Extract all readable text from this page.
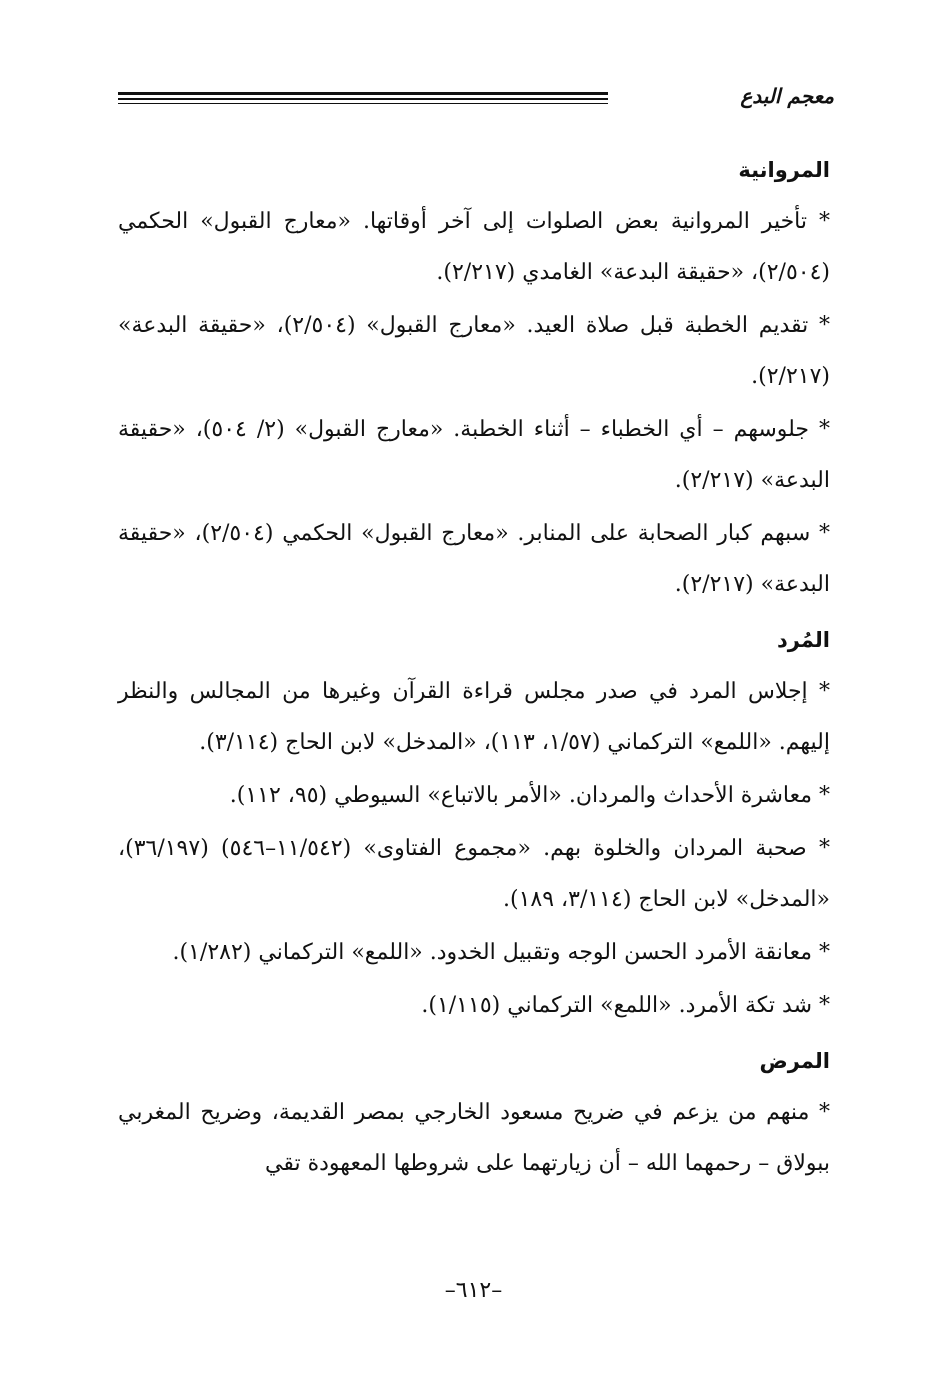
معجم البدع
المروانية

* تأخير المروانية بعض الصلوات إلى آخر أوقاتها. «معارج القبول» الحكمي (٢/٥٠٤)، «حقيقة البدعة» الغامدي (٢/٢١٧).

* تقديم الخطبة قبل صلاة العيد. «معارج القبول» (٢/٥٠٤)، «حقيقة البدعة» (٢/٢١٧).

* جلوسهم – أي الخطباء – أثناء الخطبة. «معارج القبول» (٢/ ٥٠٤)، «حقيقة البدعة» (٢/٢١٧).

* سبهم كبار الصحابة على المنابر. «معارج القبول» الحكمي (٢/٥٠٤)، «حقيقة البدعة» (٢/٢١٧).

المُرد

* إجلاس المرد في صدر مجلس قراءة القرآن وغيرها من المجالس والنظر إليهم. «اللمع» التركماني (١/٥٧، ١١٣)، «المدخل» لابن الحاج (٣/١١٤).

* معاشرة الأحداث والمردان. «الأمر بالاتباع» السيوطي (٩٥، ١١٢).

* صحبة المردان والخلوة بهم. «مجموع الفتاوى» (١١/٥٤٢–٥٤٦) (٣٦/١٩٧)، «المدخل» لابن الحاج (٣/١١٤، ١٨٩).

* معانقة الأمرد الحسن الوجه وتقبيل الخدود. «اللمع» التركماني (١/٢٨٢).

* شد تكة الأمرد. «اللمع» التركماني (١/١١٥).

المرض

* منهم من يزعم في ضريح مسعود الخارجي بمصر القديمة، وضريح المغربي ببولاق – رحمهما الله – أن زيارتهما على شروطها المعهودة تقي

–٦١٢–
